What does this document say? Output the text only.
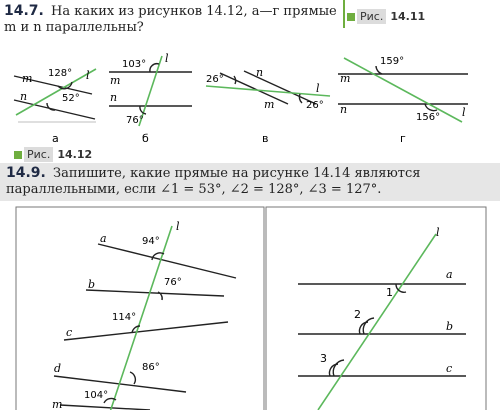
14.7. На каких из рисунков 14.12, а—г прямые m и n параллельны?
Рис. 14.11
128°
52°
m
n
l
а
103°
76°
m
n
l
б
26°
26°
m
n
l
в
159°
156°
m
n	l
г
a
b
c
d
m
l
94°
76°
114°
86°
104°
a
b
c
l
1
2
3
Рис. 14.12
14.9. Запишите, какие прямые на рисунке 14.14 являются параллельными, если ∠1 = 53°, ∠2 = 128°, ∠3 = 127°.
